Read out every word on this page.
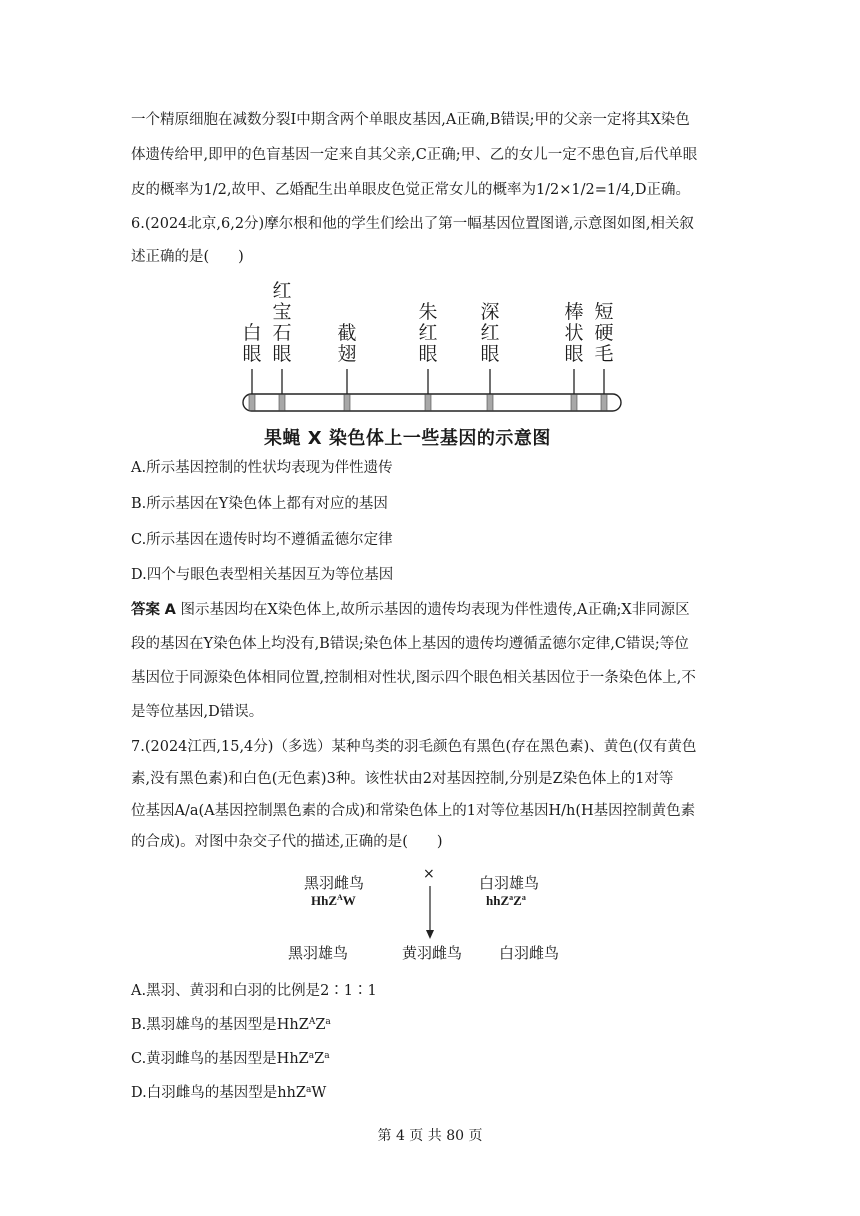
一个精原细胞在减数分裂Ⅰ中期含两个单眼皮基因,A正确,B错误;甲的父亲一定将其X染色
体遗传给甲,即甲的色盲基因一定来自其父亲,C正确;甲、乙的女儿一定不患色盲,后代单眼
皮的概率为1/2,故甲、乙婚配生出单眼皮色觉正常女儿的概率为1/2×1/2=1/4,D正确。
6.(2024北京,6,2分)摩尔根和他的学生们绘出了第一幅基因位置图谱,示意图如图,相关叙
述正确的是(　　)
白
眼
红
宝
石
眼
截
翅
朱
红
眼
深
红
眼
棒
状
眼
短
硬
毛
果蝇 X 染色体上一些基因的示意图
A.所示基因控制的性状均表现为伴性遗传
B.所示基因在Y染色体上都有对应的基因
C.所示基因在遗传时均不遵循孟德尔定律
D.四个与眼色表型相关基因互为等位基因
答案 A 图示基因均在X染色体上,故所示基因的遗传均表现为伴性遗传,A正确;X非同源区
段的基因在Y染色体上均没有,B错误;染色体上基因的遗传均遵循孟德尔定律,C错误;等位
基因位于同源染色体相同位置,控制相对性状,图示四个眼色相关基因位于一条染色体上,不
是等位基因,D错误。
7.(2024江西,15,4分)（多选）某种鸟类的羽毛颜色有黑色(存在黑色素)、黄色(仅有黄色
素,没有黑色素)和白色(无色素)3种。该性状由2对基因控制,分别是Z染色体上的1对等
位基因A/a(A基因控制黑色素的合成)和常染色体上的1对等位基因H/h(H基因控制黄色素
的合成)。对图中杂交子代的描述,正确的是(　　)
黑羽雌鸟
HhZ$^A$W
×	白羽雄鸟
$hhZ^aZ^a$
黑羽雄鸟	黄羽雌鸟 白羽雌鸟
A.黑羽、黄羽和白羽的比例是2∶1∶1
B.黑羽雄鸟的基因型是$HhZ^AZ^a$
C.黄羽雌鸟的基因型是$HhZ^aZ^a$
D.白羽雌鸟的基因型是hhZ$^a$W
第 4 页 共 80 页
